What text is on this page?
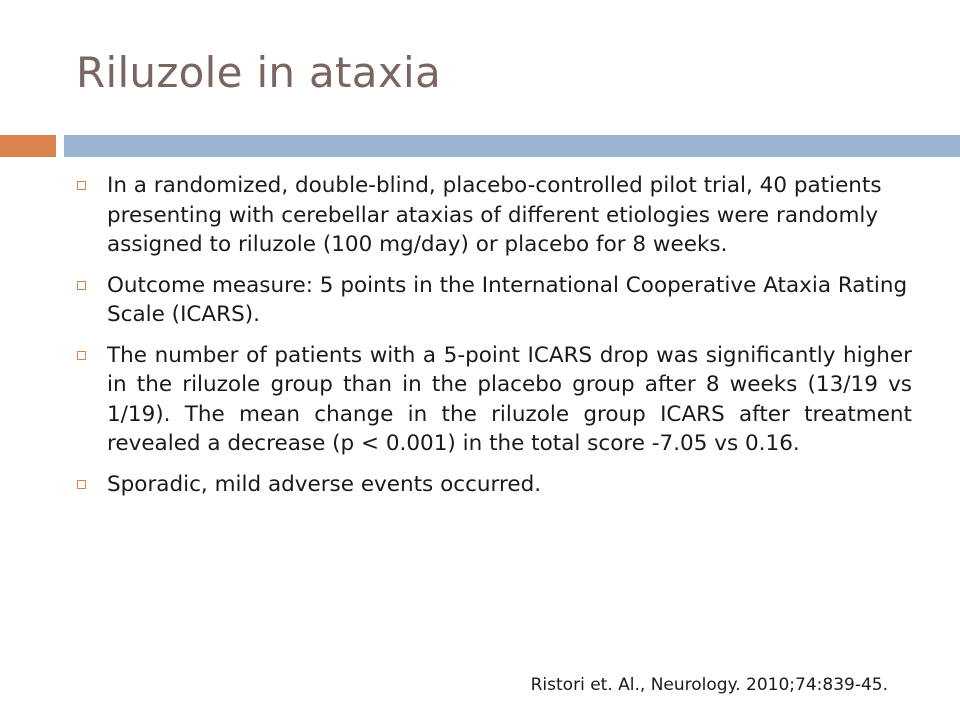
Riluzole in ataxia
In a randomized, double-blind, placebo-controlled pilot trial, 40 patients presenting with cerebellar ataxias of different etiologies were randomly assigned to riluzole (100 mg/day) or placebo for 8 weeks.
Outcome measure: 5 points in the International Cooperative Ataxia Rating Scale (ICARS).
The number of patients with a 5-point ICARS drop was significantly higher in the riluzole group than in the placebo group after 8 weeks (13/19 vs 1/19). The mean change in the riluzole group ICARS after treatment revealed a decrease (p < 0.001) in the total score -7.05 vs 0.16.
Sporadic, mild adverse events occurred.
Ristori et. Al., Neurology. 2010;74:839-45.
